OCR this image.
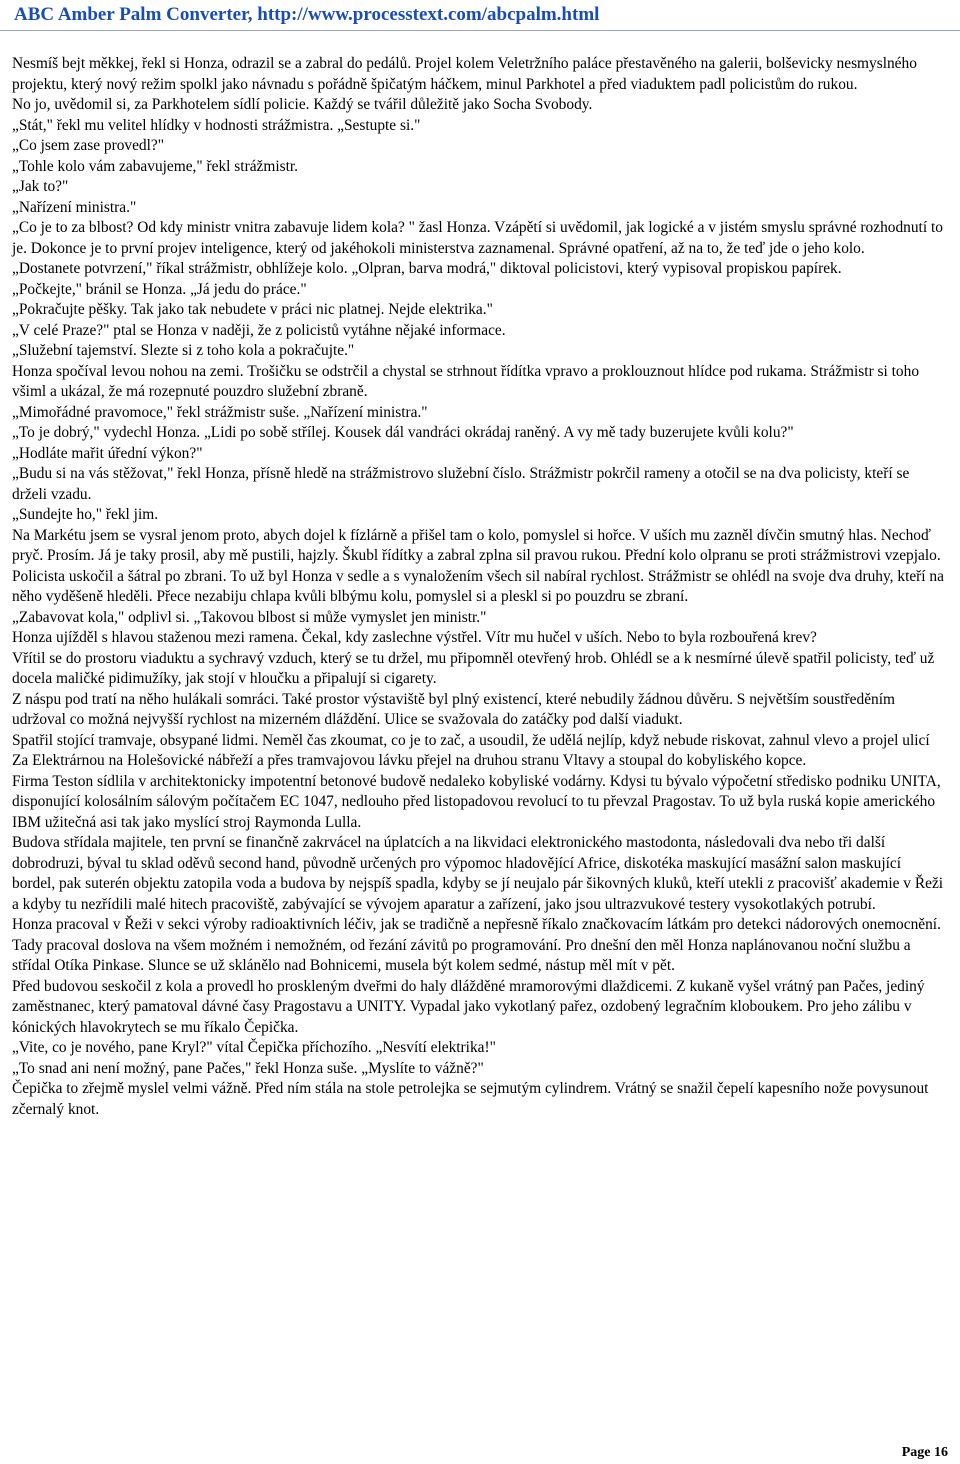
ABC Amber Palm Converter, http://www.processtext.com/abcpalm.html

Nesmíš bejt měkkej, řekl si Honza, odrazil se a zabral do pedálů. Projel kolem Veletržního paláce přestavěného na galerii, bolševicky nesmyslného projektu, který nový režim spolkl jako návnadu s pořádně špičatým háčkem, minul Parkhotel a před viaduktem padl policistům do rukou.

No jo, uvědomil si, za Parkhotelem sídlí policie. Každý se tvářil důležitě jako Socha Svobody.

„Stát," řekl mu velitel hlídky v hodnosti strážmistra. „Sestupte si."

„Co jsem zase provedl?"

„Tohle kolo vám zabavujeme," řekl strážmistr.

„Jak to?"

„Nařízení ministra."

„Co je to za blbost? Od kdy ministr vnitra zabavuje lidem kola? " žasl Honza. Vzápětí si uvědomil, jak logické a v jistém smyslu správné rozhodnutí to je. Dokonce je to první projev inteligence, který od jakéhokoli ministerstva zaznamenal. Správné opatření, až na to, že teď jde o jeho kolo.

„Dostanete potvrzení," říkal strážmistr, obhlížeje kolo. „Olpran, barva modrá," diktoval policistovi, který vypisoval propiskou papírek.

„Počkejte," bránil se Honza. „Já jedu do práce."

„Pokračujte pěšky. Tak jako tak nebudete v práci nic platnej. Nejde elektrika."

„V celé Praze?" ptal se Honza v naději, že z policistů vytáhne nějaké informace.

„Služební tajemství. Slezte si z toho kola a pokračujte."

Honza spočíval levou nohou na zemi. Trošičku se odstrčil a chystal se strhnout řídítka vpravo a proklouznout hlídce pod rukama. Strážmistr si toho všiml a ukázal, že má rozepnuté pouzdro služební zbraně.

„Mimořádné pravomoce," řekl strážmistr suše. „Nařízení ministra."

„To je dobrý," vydechl Honza. „Lidi po sobě střílej. Kousek dál vandráci okrádaj raněný. A vy mě tady buzerujete kvůli kolu?"

„Hodláte mařit úřední výkon?"

„Budu si na vás stěžovat," řekl Honza, přísně hledě na strážmistrovo služební číslo. Strážmistr pokrčil rameny a otočil se na dva policisty, kteří se drželi vzadu.

„Sundejte ho," řekl jim.

Na Markétu jsem se vysral jenom proto, abych dojel k fízlárně a přišel tam o kolo, pomyslel si hořce. V uších mu zazněl dívčin smutný hlas. Nechoď pryč. Prosím. Já je taky prosil, aby mě pustili, hajzly. Škubl řídítky a zabral zplna sil pravou rukou. Přední kolo olpranu se proti strážmistrovi vzepjalo. Policista uskočil a šátral po zbrani. To už byl Honza v sedle a s vynaložením všech sil nabíral rychlost. Strážmistr se ohlédl na svoje dva druhy, kteří na něho vyděšeně hleděli. Přece nezabiju chlapa kvůli blbýmu kolu, pomyslel si a pleskl si po pouzdru se zbraní.

„Zabavovat kola," odplivl si. „Takovou blbost si může vymyslet jen ministr."

Honza ujížděl s hlavou staženou mezi ramena. Čekal, kdy zaslechne výstřel. Vítr mu hučel v uších. Nebo to byla rozbouřená krev?

Vřítil se do prostoru viaduktu a sychravý vzduch, který se tu držel, mu připomněl otevřený hrob. Ohlédl se a k nesmírné úlevě spatřil policisty, teď už docela maličké pidimužíky, jak stojí v hloučku a připalují si cigarety.

Z náspu pod tratí na něho hulákali somráci. Také prostor výstaviště byl plný existencí, které nebudily žádnou důvěru. S největším soustředěním udržoval co možná nejvyšší rychlost na mizerném dláždění. Ulice se svažovala do zatáčky pod další viadukt.

Spatřil stojící tramvaje, obsypané lidmi. Neměl čas zkoumat, co je to zač, a usoudil, že udělá nejlíp, když nebude riskovat, zahnul vlevo a projel ulicí Za Elektrárnou na Holešovické nábřeží a přes tramvajovou lávku přejel na druhou stranu Vltavy a stoupal do kobyliského kopce.

Firma Teston sídlila v architektonicky impotentní betonové budově nedaleko kobyliské vodárny. Kdysi tu bývalo výpočetní středisko podniku UNITA, disponující kolosálním sálovým počítačem EC 1047, nedlouho před listopadovou revolucí to tu převzal Pragostav. To už byla ruská kopie amerického IBM užitečná asi tak jako myslící stroj Raymonda Lulla.

Budova střídala majitele, ten první se finančně zakrvácel na úplatcích a na likvidaci elektronického mastodonta, následovali dva nebo tři další dobrodruzi, býval tu sklad oděvů second hand, původně určených pro výpomoc hladovějící Africe, diskotéka maskující masážní salon maskující bordel, pak suterén objektu zatopila voda a budova by nejspíš spadla, kdyby se jí neujalo pár šikovných kluků, kteří utekli z pracovišť akademie v Řeži a kdyby tu nezřídili malé hitech pracoviště, zabývající se vývojem aparatur a zařízení, jako jsou ultrazvukové testery vysokotlakých potrubí.

Honza pracoval v Řeži v sekci výroby radioaktivních léčiv, jak se tradičně a nepřesně říkalo značkovacím látkám pro detekci nádorových onemocnění. Tady pracoval doslova na všem možném i nemožném, od řezání závitů po programování. Pro dnešní den měl Honza naplánovanou noční službu a střídal Otíka Pinkase. Slunce se už sklánělo nad Bohnicemi, musela být kolem sedmé, nástup měl mít v pět.

Před budovou seskočil z kola a provedl ho proskleným dveřmi do haly dlážděné mramorovými dlaždicemi. Z kukaně vyšel vrátný pan Pačes, jediný zaměstnanec, který pamatoval dávné časy Pragostavu a UNITY. Vypadal jako vykotlaný pařez, ozdobený legračním kloboukem. Pro jeho zálibu v kónických hlavokrytech se mu říkalo Čepička.

„Vite, co je nového, pane Kryl?" vítal Čepička příchozího. „Nesvítí elektrika!"

„To snad ani není možný, pane Pačes," řekl Honza suše. „Myslíte to vážně?"

Čepička to zřejmě myslel velmi vážně. Před ním stála na stole petrolejka se sejmutým cylindrem. Vrátný se snažil čepelí kapesního nože povysunout zčernalý knot.

Page 16
